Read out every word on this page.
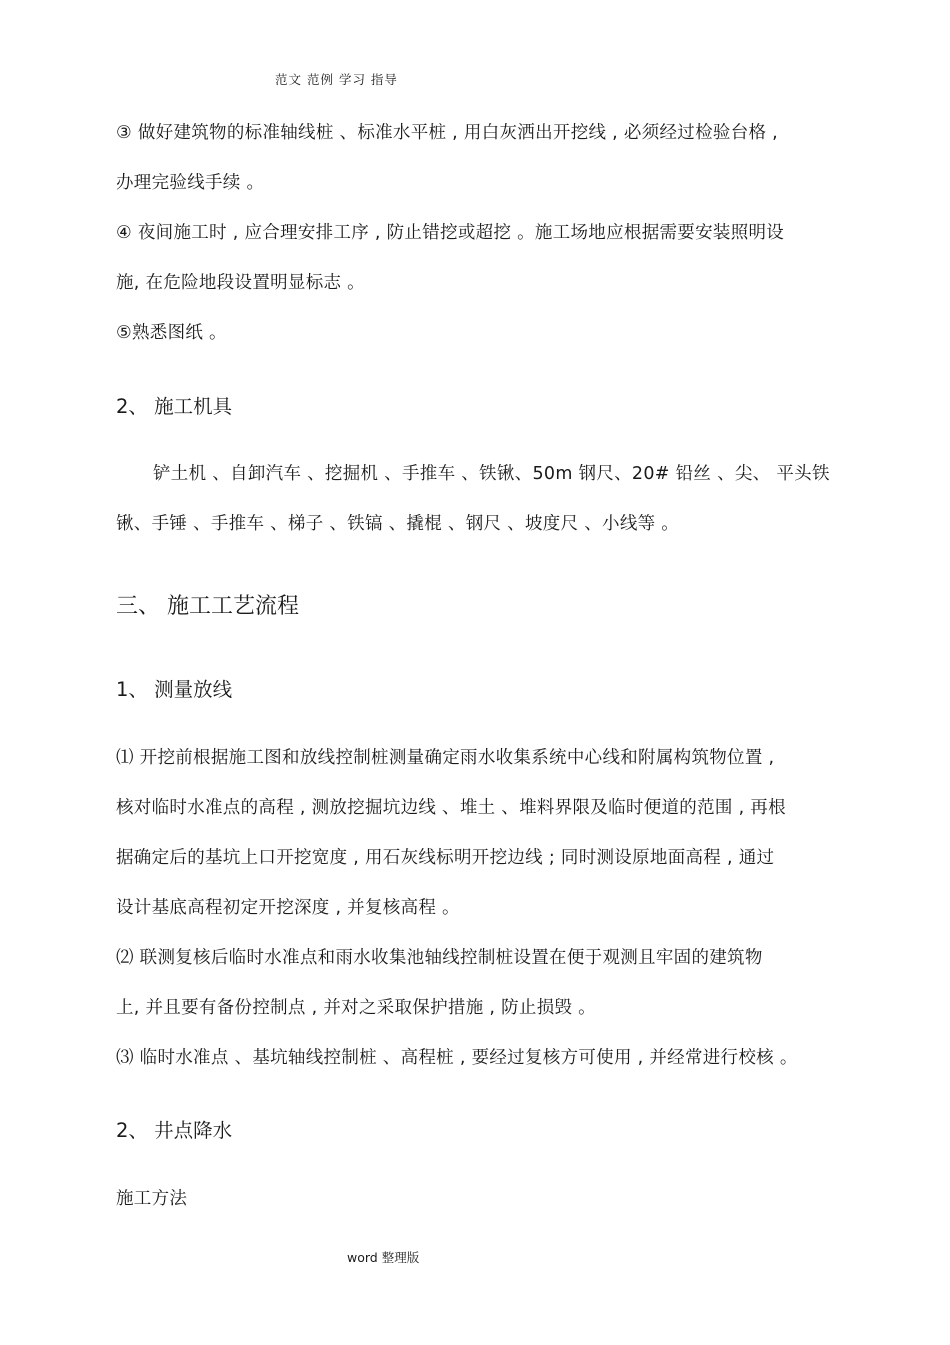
范文 范例 学习 指导
③ 做好建筑物的标准轴线桩 、标准水平桩 , 用白灰洒出开挖线 , 必须经过检验台格 ,
办理完验线手续 。
④ 夜间施工时 , 应合理安排工序 , 防止错挖或超挖 。施工场地应根据需要安装照明设
施, 在危险地段设置明显标志 。
⑤熟悉图纸 。
2、 施工机具
铲土机 、自卸汽车 、挖掘机 、手推车 、铁锹、50m 钢尺、20# 铅丝 、尖、 平头铁
锹、手锤 、手推车 、梯子 、铁镐 、撬棍 、钢尺 、坡度尺 、小线等 。
三、 施工工艺流程
1、 测量放线
⑴ 开挖前根据施工图和放线控制桩测量确定雨水收集系统中心线和附属构筑物位置 ,
核对临时水准点的高程 , 测放挖掘坑边线 、堆土 、堆料界限及临时便道的范围 , 再根
据确定后的基坑上口开挖宽度 , 用石灰线标明开挖边线 ; 同时测设原地面高程 , 通过
设计基底高程初定开挖深度 , 并复核高程 。
⑵ 联测复核后临时水准点和雨水收集池轴线控制桩设置在便于观测且牢固的建筑物
上, 并且要有备份控制点 , 并对之采取保护措施 , 防止损毁 。
⑶ 临时水准点 、基坑轴线控制桩 、高程桩 , 要经过复核方可使用 , 并经常进行校核 。
2、 井点降水
施工方法
word 整理版
